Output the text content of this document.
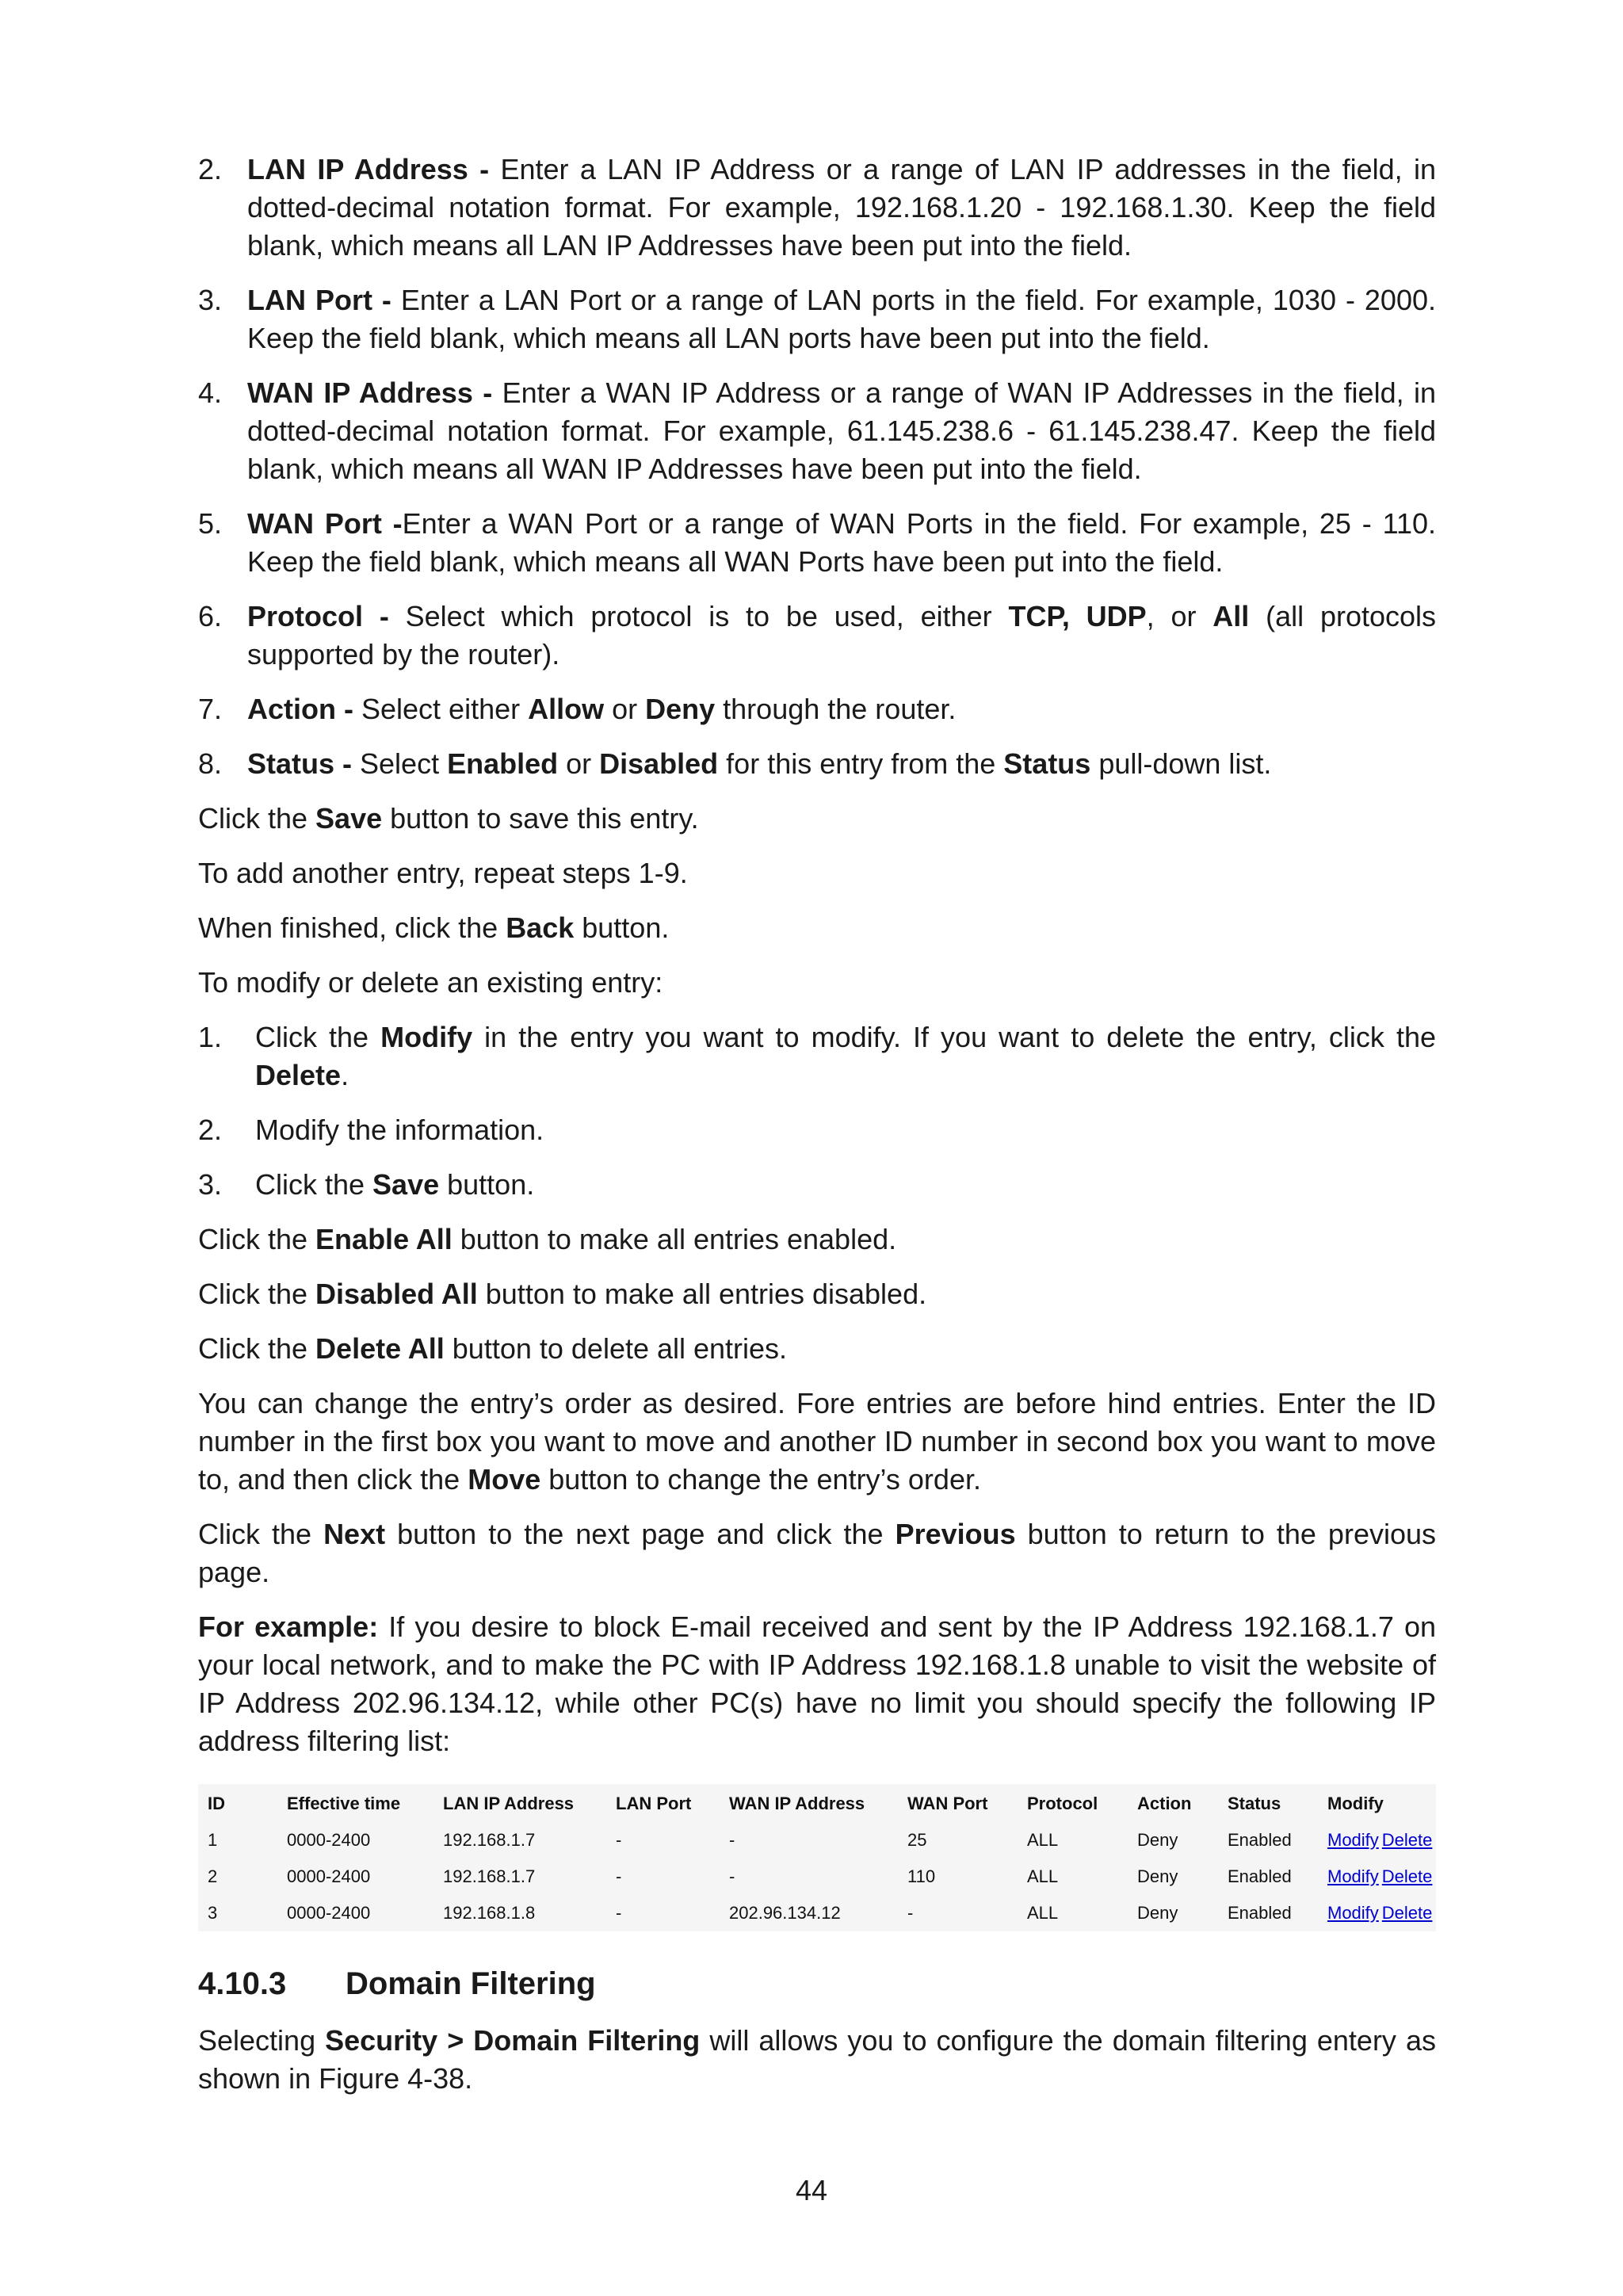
2. LAN IP Address - Enter a LAN IP Address or a range of LAN IP addresses in the field, in dotted-decimal notation format. For example, 192.168.1.20 - 192.168.1.30. Keep the field blank, which means all LAN IP Addresses have been put into the field.

3. LAN Port - Enter a LAN Port or a range of LAN ports in the field. For example, 1030 - 2000. Keep the field blank, which means all LAN ports have been put into the field.

4. WAN IP Address - Enter a WAN IP Address or a range of WAN IP Addresses in the field, in dotted-decimal notation format. For example, 61.145.238.6 - 61.145.238.47. Keep the field blank, which means all WAN IP Addresses have been put into the field.

5. WAN Port -Enter a WAN Port or a range of WAN Ports in the field. For example, 25 - 110. Keep the field blank, which means all WAN Ports have been put into the field.

6. Protocol - Select which protocol is to be used, either TCP, UDP, or All (all protocols supported by the router).

7. Action - Select either Allow or Deny through the router.

8. Status - Select Enabled or Disabled for this entry from the Status pull-down list.

Click the Save button to save this entry.

To add another entry, repeat steps 1-9.

When finished, click the Back button.

To modify or delete an existing entry:

1. Click the Modify in the entry you want to modify. If you want to delete the entry, click the Delete.

2. Modify the information.

3. Click the Save button.

Click the Enable All button to make all entries enabled.

Click the Disabled All button to make all entries disabled.

Click the Delete All button to delete all entries.

You can change the entry’s order as desired. Fore entries are before hind entries. Enter the ID number in the first box you want to move and another ID number in second box you want to move to, and then click the Move button to change the entry’s order.

Click the Next button to the next page and click the Previous button to return to the previous page.

For example: If you desire to block E-mail received and sent by the IP Address 192.168.1.7 on your local network, and to make the PC with IP Address 192.168.1.8 unable to visit the website of IP Address 202.96.134.12, while other PC(s) have no limit you should specify the following IP address filtering list:

ID	Effective time	LAN IP Address	LAN Port	WAN IP Address	WAN Port	Protocol	Action	Status	Modify
1	0000-2400	192.168.1.7	-	-	25	ALL	Deny	Enabled	Modify Delete
2	0000-2400	192.168.1.7	-	-	110	ALL	Deny	Enabled	Modify Delete
3	0000-2400	192.168.1.8	-	202.96.134.12	-	ALL	Deny	Enabled	Modify Delete
4.10.3	Domain Filtering

Selecting Security > Domain Filtering will allows you to configure the domain filtering entery as shown in Figure 4-38.

44
